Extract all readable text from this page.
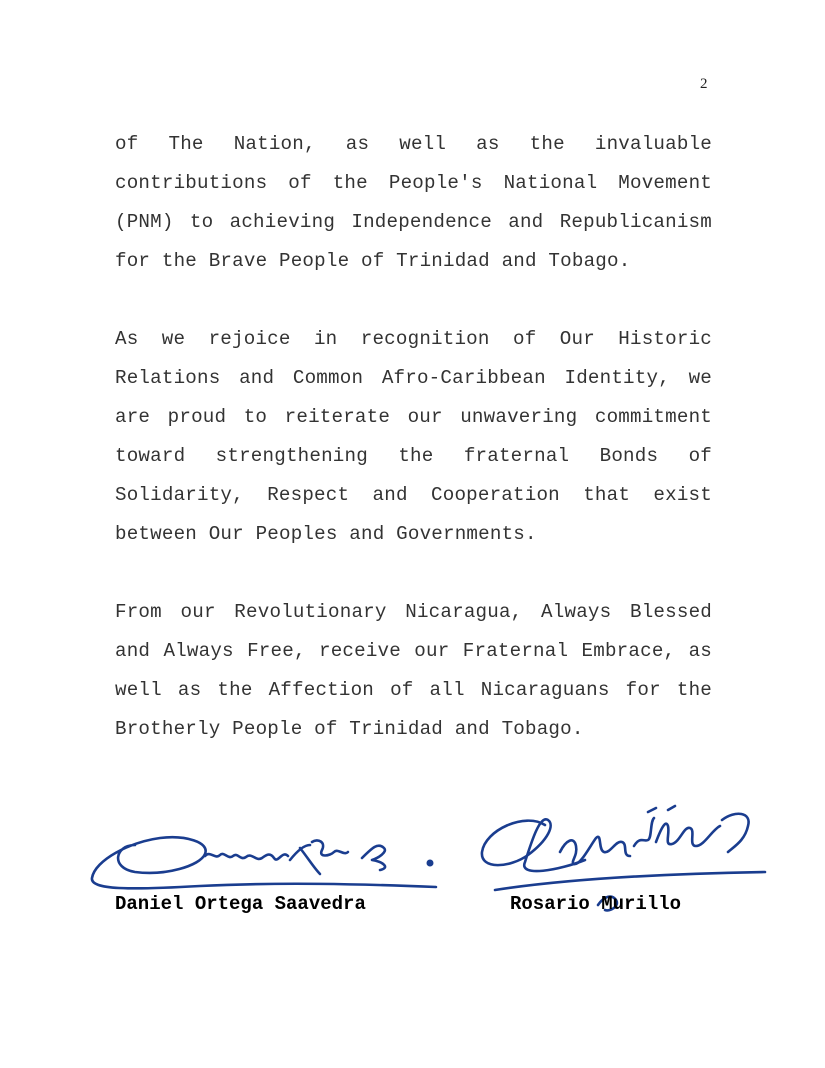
2

of The Nation, as well as the invaluable contributions of the People's National Movement (PNM) to achieving Independence and Republicanism for the Brave People of Trinidad and Tobago.

As we rejoice in recognition of Our Historic Relations and Common Afro-Caribbean Identity, we are proud to reiterate our unwavering commitment toward strengthening the fraternal Bonds of Solidarity, Respect and Cooperation that exist between Our Peoples and Governments.

From our Revolutionary Nicaragua, Always Blessed and Always Free, receive our Fraternal Embrace, as well as the Affection of all Nicaraguans for the Brotherly People of Trinidad and Tobago.

Daniel Ortega Saavedra	Rosario Murillo
